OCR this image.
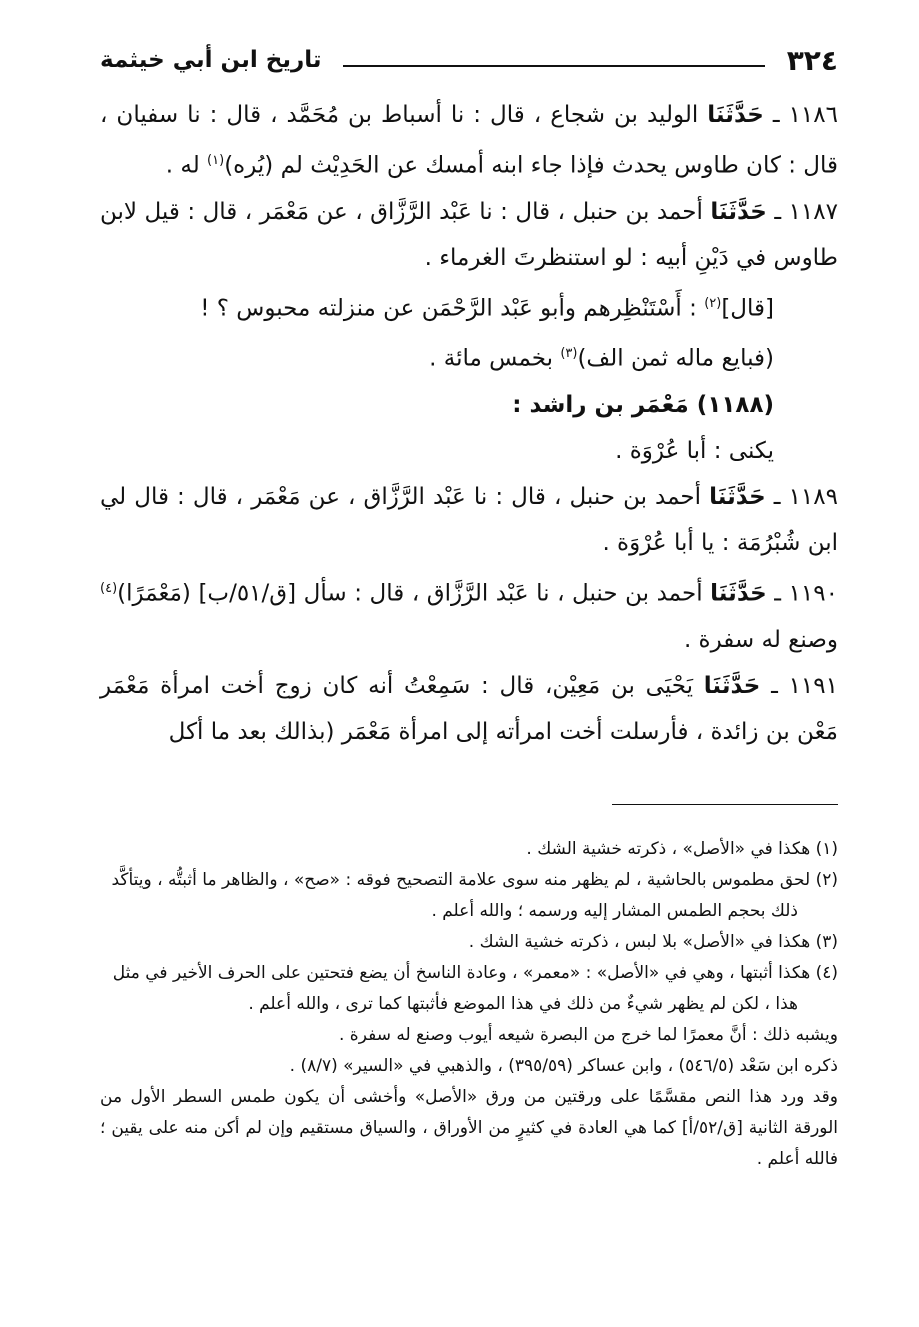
٣٢٤
تاريخ ابن أبي خيثمة

١١٨٦ ـ حَدَّثَنَا الوليد بن شجاع ، قال : نا أسباط بن مُحَمَّد ، قال : نا سفيان ، قال : كان طاوس يحدث فإذا جاء ابنه أمسك عن الحَدِيْث لم (يُره)$^{(١)}$ له .

١١٨٧ ـ حَدَّثَنَا أحمد بن حنبل ، قال : نا عَبْد الرَّزَّاق ، عن مَعْمَر ، قال : قيل لابن طاوس في دَيْنِ أبيه : لو استنظرتَ الغرماء .

[قال]$^{(٢)}$ : أَسْتَنْظِرهم وأبو عَبْد الرَّحْمَن عن منزلته محبوس ؟ !

(فبايع ماله ثمن الف)$^{(٣)}$ بخمس مائة .

(١١٨٨) مَعْمَر بن راشد :

يكنى : أبا عُرْوَة .

١١٨٩ ـ حَدَّثَنَا أحمد بن حنبل ، قال : نا عَبْد الرَّزَّاق ، عن مَعْمَر ، قال : قال لي ابن شُبْرُمَة : يا أبا عُرْوَة .

١١٩٠ ـ حَدَّثَنَا أحمد بن حنبل ، نا عَبْد الرَّزَّاق ، قال : سأل [ق/٥١/ب] (مَعْمَرًا)$^{(٤)}$ وصنع له سفرة .

١١٩١ ـ حَدَّثَنَا يَحْيَى بن مَعِيْن، قال : سَمِعْتُ أنه كان زوج أخت امرأة مَعْمَر مَعْن بن زائدة ، فأرسلت أخت امرأته إلى امرأة مَعْمَر (بذالك بعد ما أكل

(١) هكذا في «الأصل» ، ذكرته خشية الشك .

(٢) لحق مطموس بالحاشية ، لم يظهر منه سوى علامة التصحيح فوقه : «صح» ، والظاهر ما أثبتُّه ، ويتأكَّد

ذلك بحجم الطمس المشار إليه ورسمه ؛ والله أعلم .

(٣) هكذا في «الأصل» بلا لبس ، ذكرته خشية الشك .

(٤) هكذا أثبتها ، وهي في «الأصل» : «معمر» ، وعادة الناسخ أن يضع فتحتين على الحرف الأخير في مثل

هذا ، لكن لم يظهر شيءٌ من ذلك في هذا الموضع فأثبتها كما ترى ، والله أعلم .

ويشبه ذلك : أنَّ معمرًا لما خرج من البصرة شيعه أيوب وصنع له سفرة .

ذكره ابن سَعْد (٥٤٦/٥) ، وابن عساكر (٣٩٥/٥٩) ، والذهبي في «السير» (٨/٧) .

وقد ورد هذا النص مقسَّمًا على ورقتين من ورق «الأصل» وأخشى أن يكون طمس السطر الأول من الورقة الثانية [ق/٥٢/أ] كما هي العادة في كثيرٍ من الأوراق ، والسياق مستقيم وإن لم أكن منه على يقين ؛ فالله أعلم .
